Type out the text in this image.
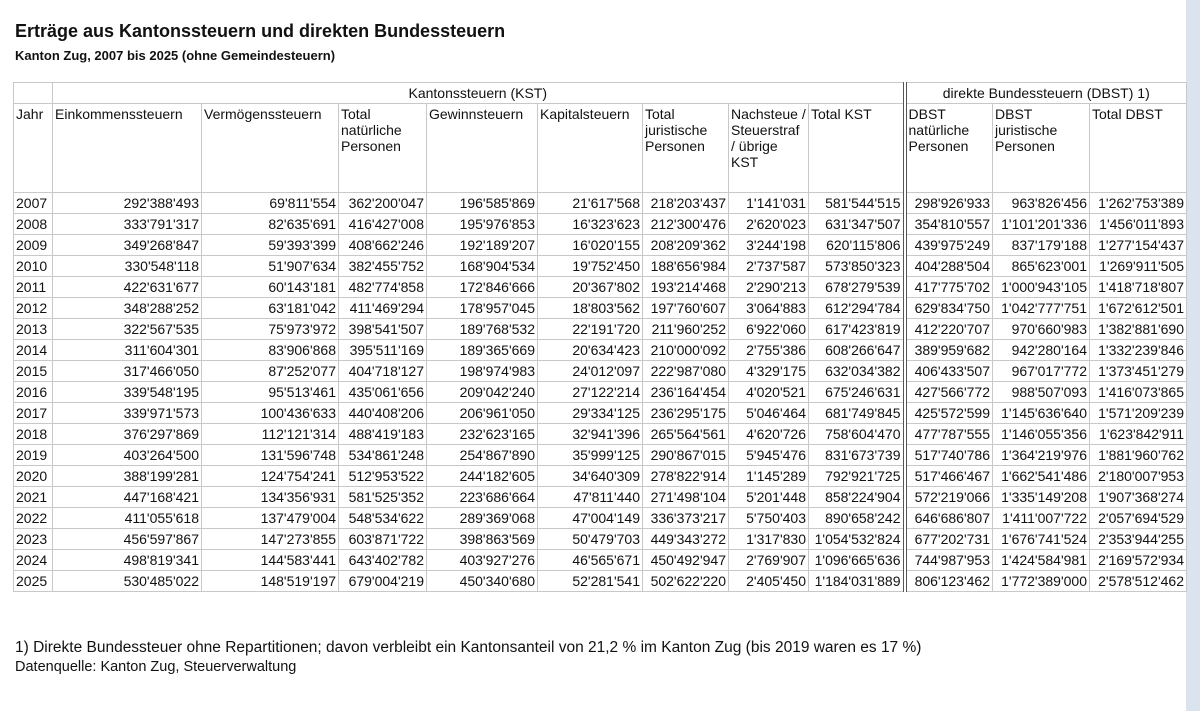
Erträge aus Kantonssteuern und direkten Bundessteuern
Kanton Zug, 2007 bis 2025 (ohne Gemeindesteuern)
	Kantonssteuern (KST)								direkte Bundessteuern (DBST) 1)		
Jahr	Einkommenssteuern	Vermögenssteuern	Total natürliche Personen	Gewinnsteuern	Kapitalsteuern	Total juristische Personen	Nachsteue / Steuerstraf / übrige KST	Total KST	DBST natürliche Personen	DBST juristische Personen	Total DBST
2007	292'388'493	69'811'554	362'200'047	196'585'869	21'617'568	218'203'437	1'141'031	581'544'515	298'926'933	963'826'456	1'262'753'389
2008	333'791'317	82'635'691	416'427'008	195'976'853	16'323'623	212'300'476	2'620'023	631'347'507	354'810'557	1'101'201'336	1'456'011'893
2009	349'268'847	59'393'399	408'662'246	192'189'207	16'020'155	208'209'362	3'244'198	620'115'806	439'975'249	837'179'188	1'277'154'437
2010	330'548'118	51'907'634	382'455'752	168'904'534	19'752'450	188'656'984	2'737'587	573'850'323	404'288'504	865'623'001	1'269'911'505
2011	422'631'677	60'143'181	482'774'858	172'846'666	20'367'802	193'214'468	2'290'213	678'279'539	417'775'702	1'000'943'105	1'418'718'807
2012	348'288'252	63'181'042	411'469'294	178'957'045	18'803'562	197'760'607	3'064'883	612'294'784	629'834'750	1'042'777'751	1'672'612'501
2013	322'567'535	75'973'972	398'541'507	189'768'532	22'191'720	211'960'252	6'922'060	617'423'819	412'220'707	970'660'983	1'382'881'690
2014	311'604'301	83'906'868	395'511'169	189'365'669	20'634'423	210'000'092	2'755'386	608'266'647	389'959'682	942'280'164	1'332'239'846
2015	317'466'050	87'252'077	404'718'127	198'974'983	24'012'097	222'987'080	4'329'175	632'034'382	406'433'507	967'017'772	1'373'451'279
2016	339'548'195	95'513'461	435'061'656	209'042'240	27'122'214	236'164'454	4'020'521	675'246'631	427'566'772	988'507'093	1'416'073'865
2017	339'971'573	100'436'633	440'408'206	206'961'050	29'334'125	236'295'175	5'046'464	681'749'845	425'572'599	1'145'636'640	1'571'209'239
2018	376'297'869	112'121'314	488'419'183	232'623'165	32'941'396	265'564'561	4'620'726	758'604'470	477'787'555	1'146'055'356	1'623'842'911
2019	403'264'500	131'596'748	534'861'248	254'867'890	35'999'125	290'867'015	5'945'476	831'673'739	517'740'786	1'364'219'976	1'881'960'762
2020	388'199'281	124'754'241	512'953'522	244'182'605	34'640'309	278'822'914	1'145'289	792'921'725	517'466'467	1'662'541'486	2'180'007'953
2021	447'168'421	134'356'931	581'525'352	223'686'664	47'811'440	271'498'104	5'201'448	858'224'904	572'219'066	1'335'149'208	1'907'368'274
2022	411'055'618	137'479'004	548'534'622	289'369'068	47'004'149	336'373'217	5'750'403	890'658'242	646'686'807	1'411'007'722	2'057'694'529
2023	456'597'867	147'273'855	603'871'722	398'863'569	50'479'703	449'343'272	1'317'830	1'054'532'824	677'202'731	1'676'741'524	2'353'944'255
2024	498'819'341	144'583'441	643'402'782	403'927'276	46'565'671	450'492'947	2'769'907	1'096'665'636	744'987'953	1'424'584'981	2'169'572'934
2025	530'485'022	148'519'197	679'004'219	450'340'680	52'281'541	502'622'220	2'405'450	1'184'031'889	806'123'462	1'772'389'000	2'578'512'462
1) Direkte Bundessteuer ohne Repartitionen; davon verbleibt ein Kantonsanteil von 21,2 % im Kanton Zug (bis 2019 waren es 17 %)
Datenquelle: Kanton Zug, Steuerverwaltung
